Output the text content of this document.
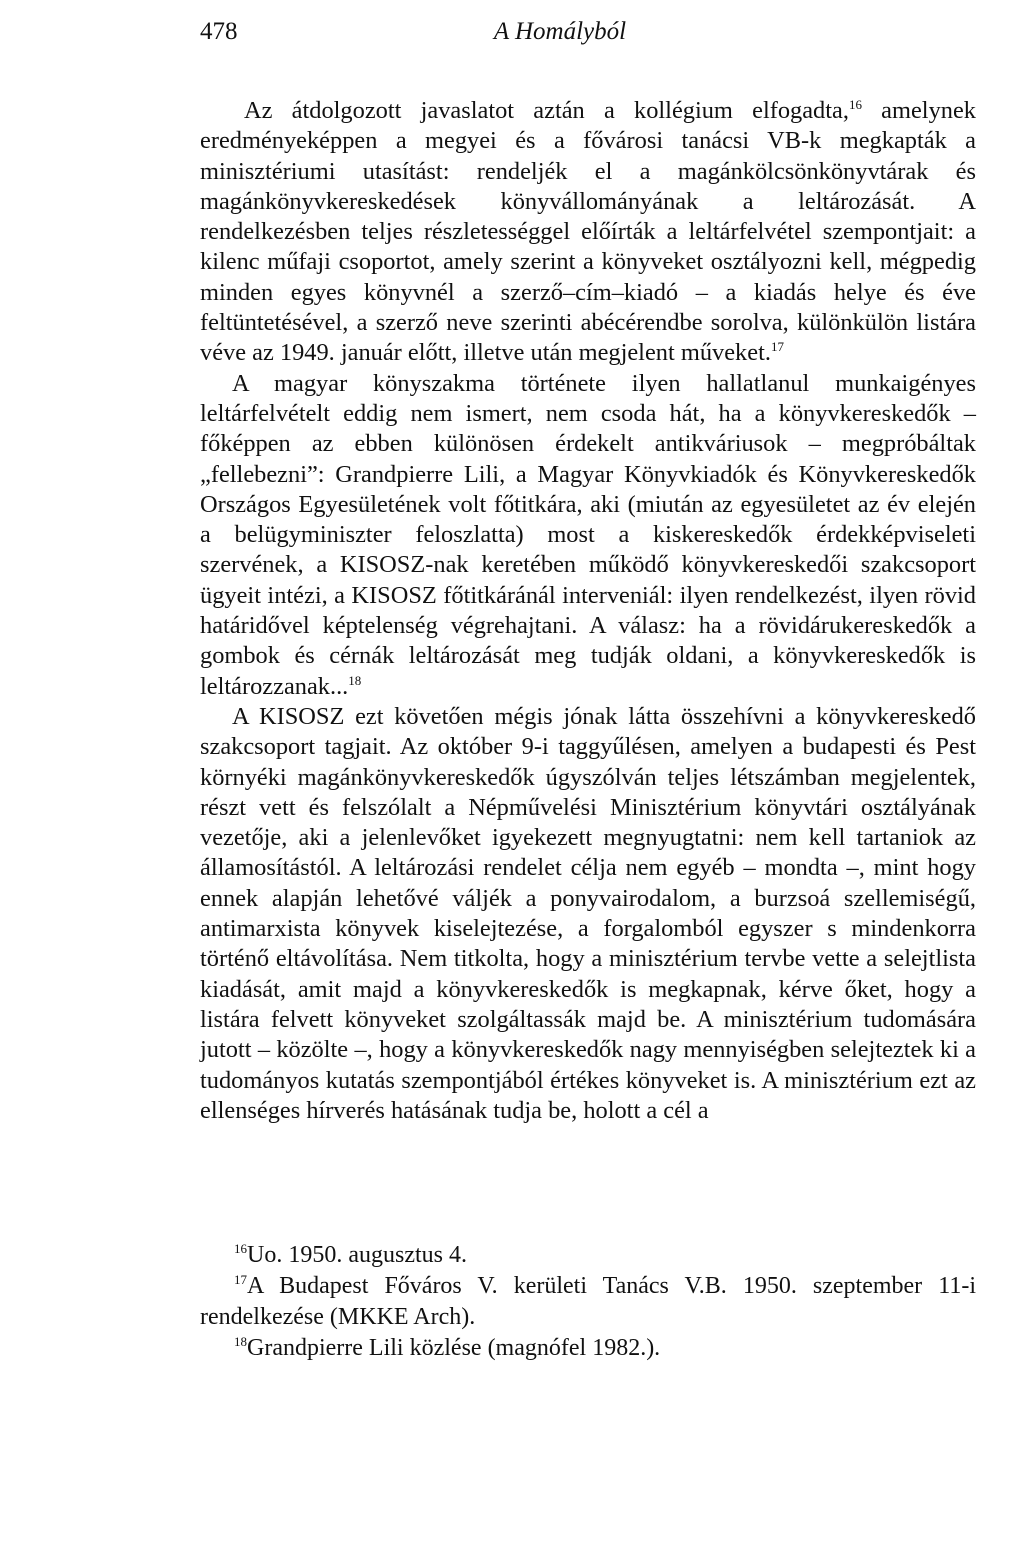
478	A Homályból

Az átdolgozott javaslatot aztán a kollégium elfogadta,$^{16}$ amelynek eredményeképpen a megyei és a fővárosi tanácsi VB-k megkapták a minisztériumi utasítást: rendeljék el a magánkölcsönkönyvtárak és magánkönyvkereskedések könyvállományának a leltározását. A rendelkezésben teljes részletességgel előírták a leltárfelvétel szempontjait: a kilenc műfaji csoportot, amely szerint a könyveket osztályozni kell, mégpedig minden egyes könyvnél a szerző–cím–kiadó – a kiadás helye és éve feltüntetésével, a szerző neve szerinti abécérendbe sorolva, különkülön listára véve az 1949. január előtt, illetve után megjelent műveket.$^{17}$

A magyar könyszakma története ilyen hallatlanul munkaigényes leltárfelvételt eddig nem ismert, nem csoda hát, ha a könyvkereskedők – főképpen az ebben különösen érdekelt antikváriusok – megpróbáltak „fellebezni”: Grandpierre Lili, a Magyar Könyvkiadók és Könyvkereskedők Országos Egyesületének volt főtitkára, aki (miután az egyesületet az év elején a belügyminiszter feloszlatta) most a kiskereskedők érdekképviseleti szervének, a KISOSZ-nak keretében működő könyvkereskedői szakcsoport ügyeit intézi, a KISOSZ főtitkáránál interveniál: ilyen rendelkezést, ilyen rövid határidővel képtelenség végrehajtani. A válasz: ha a rövidárukereskedők a gombok és cérnák leltározását meg tudják oldani, a könyvkereskedők is leltározzanak...$^{18}$

A KISOSZ ezt követően mégis jónak látta összehívni a könyvkereskedő szakcsoport tagjait. Az október 9-i taggyűlésen, amelyen a budapesti és Pest környéki magánkönyvkereskedők úgyszólván teljes létszámban megjelentek, részt vett és felszólalt a Népművelési Minisztérium könyvtári osztályának vezetője, aki a jelenlevőket igyekezett megnyugtatni: nem kell tartaniok az államosítástól. A leltározási rendelet célja nem egyéb – mondta –, mint hogy ennek alapján lehetővé váljék a ponyvairodalom, a burzsoá szellemiségű, antimarxista könyvek kiselejtezése, a forgalomból egyszer s mindenkorra történő eltávolítása. Nem titkolta, hogy a minisztérium tervbe vette a selejtlista kiadását, amit majd a könyvkereskedők is megkapnak, kérve őket, hogy a listára felvett könyveket szolgáltassák majd be. A minisztérium tudomására jutott – közölte –, hogy a könyvkereskedők nagy mennyiségben selejteztek ki a tudományos kutatás szempontjából értékes könyveket is. A minisztérium ezt az ellenséges hírverés hatásának tudja be, holott a cél a

$^{16}$Uo. 1950. augusztus 4.

$^{17}$A Budapest Főváros V. kerületi Tanács V.B. 1950. szeptember 11-i rendelkezése (MKKE Arch).

$^{18}$Grandpierre Lili közlése (magnófel 1982.).
